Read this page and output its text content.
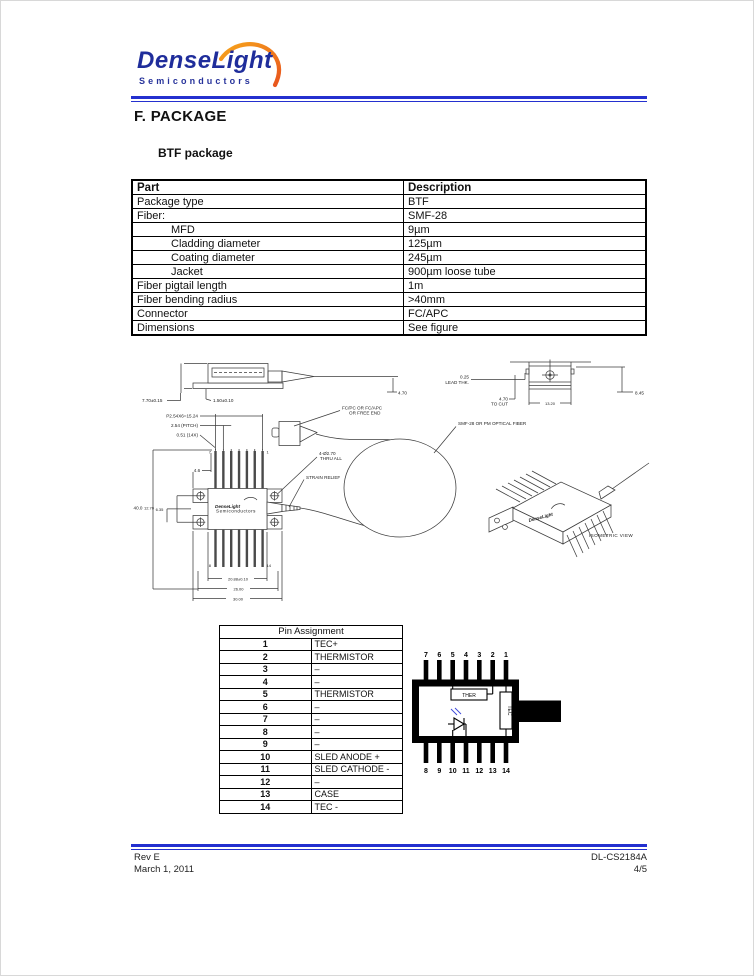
DenseLight
Semiconductors
F. PACKAGE
BTF package
Part	Description
Package type	BTF
Fiber:	SMF-28
MFD	9µm
Cladding diameter	125µm
Coating diameter	245µm
Jacket	900µm loose tube
Fiber pigtail length	1m
Fiber bending radius	>40mm
Connector	FC/APC
Dimensions	See figure
7.70±0.15	1.50±0.10
4.70
0.25
LEAD THK.
4.70
TO CUT	13.20
8.45
SMF-28 OR PM OPTICAL FIBER
FC/PC OR FC/APC
OR FREE END
DenseLight
Semiconductors
7	1
8	14
P2.54X6=15.24
2.54 (PITCH)
0.51 (14X)
4.6
40.0 12.70 6.35
20.88±0.10
26.00
30.00
4-Ø2.70
THRU ALL
STRAIN RELIEF
DenseLight
ISOMETRIC VIEW
Pin Assignment	
1	TEC+
2	THERMISTOR
3	–
4	–
5	THERMISTOR
6	–
7	–
8	–
9	–
10	SLED ANODE +
11	SLED CATHODE -
12	–
13	CASE
14	TEC -
7 6 5 4 3 2 1
THER
TEC
8 9 10 11 12 13 14
Rev E
March 1, 2011
DL-CS2184A
4/5
